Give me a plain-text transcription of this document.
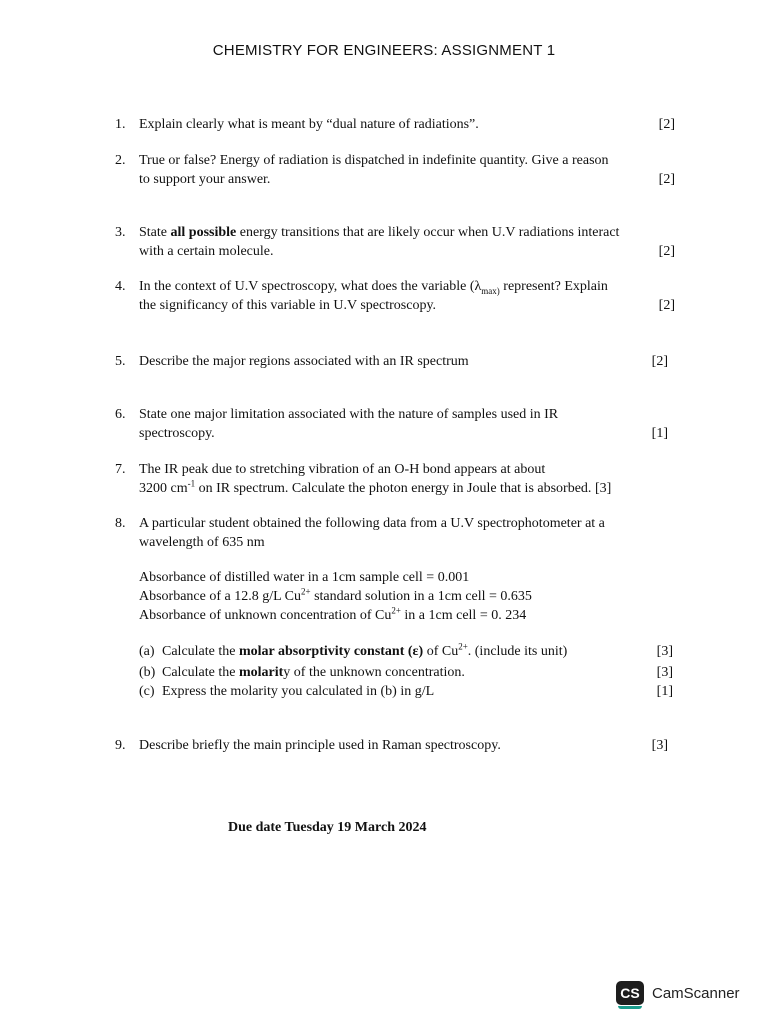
CHEMISTRY FOR ENGINEERS: ASSIGNMENT 1
1. Explain clearly what is meant by “dual nature of radiations”.	[2]
2. True or false? Energy of radiation is dispatched in indefinite quantity. Give a reason
to support your answer.	[2]
3. State all possible energy transitions that are likely occur when U.V radiations interact
with a certain molecule.	[2]
4. In the context of U.V spectroscopy, what does the variable ($\lambda_{max)}$ represent? Explain
the significancy of this variable in U.V spectroscopy.	[2]
5. Describe the major regions associated with an IR spectrum	[2]
6. State one major limitation associated with the nature of samples used in IR
spectroscopy.	[1]
7. The IR peak due to stretching vibration of an O-H bond appears at about
3200 $cm^{-1}$ on IR spectrum. Calculate the photon energy in Joule that is absorbed. [3]
8. A particular student obtained the following data from a U.V spectrophotometer at a
wavelength of 635 nm
Absorbance of distilled water in a 1cm sample cell = 0.001
Absorbance of a 12.8 g/L $Cu^{2+}$ standard solution in a 1cm cell = 0.635
Absorbance of unknown concentration of $Cu^{2+}$ in a 1cm cell = 0. 234
(a) Calculate the molar absorptivity constant (ε) of $Cu^{2+}$. (include its unit)	[3]
(b) Calculate the molarity of the unknown concentration.	[3]
(c) Express the molarity you calculated in (b) in g/L	[1]
9. Describe briefly the main principle used in Raman spectroscopy.	[3]
Due date Tuesday 19 March 2024
CS CamScanner
